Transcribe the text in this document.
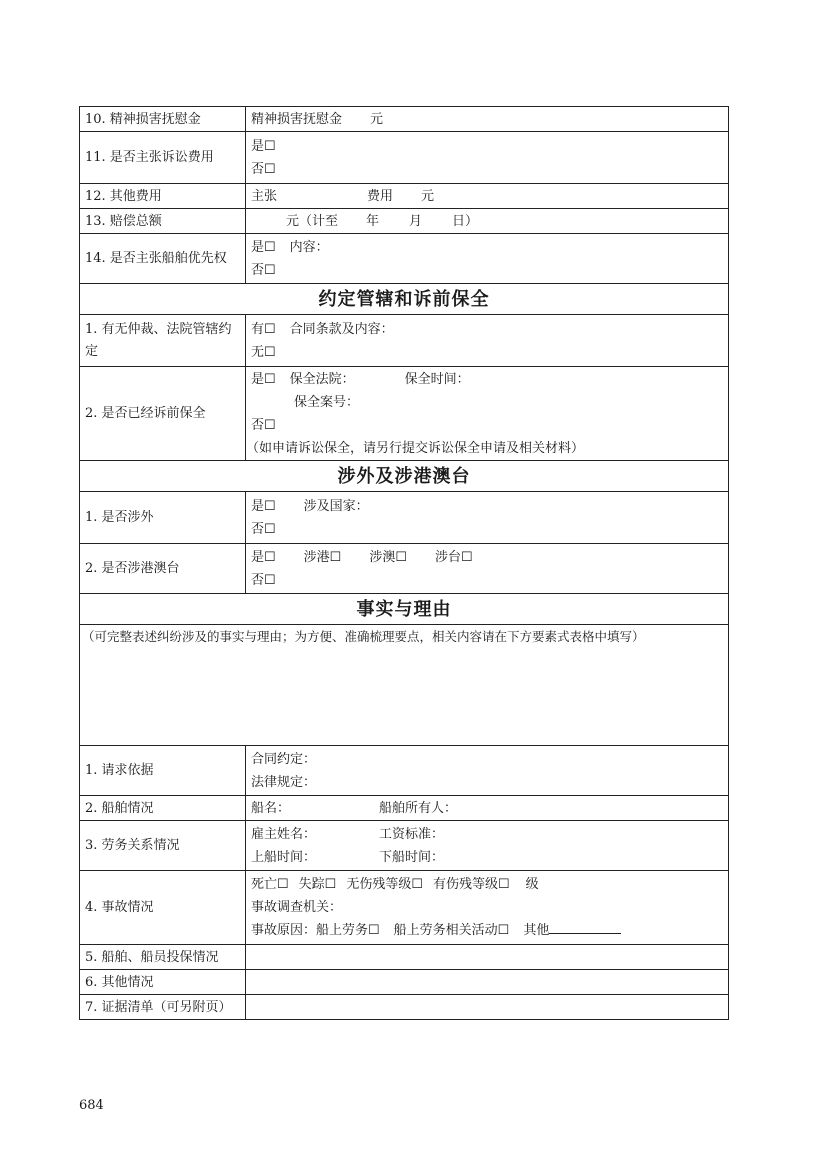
10. 精神损害抚慰金	精神损害抚慰金 元

11. 是否主张诉讼费用	是☐
否☐

12. 其他费用	主张 费用 元

13. 赔偿总额	元（计至 年 月 日）

14. 是否主张船舶优先权	是☐ 内容：
否☐

约定管辖和诉前保全	
1. 有无仲裁、法院管辖约定	有☐ 合同条款及内容：
无☐

2. 是否已经诉前保全	是☐ 保全法院： 保全时间：
保全案号：
否☐
（如申请诉讼保全，请另行提交诉讼保全申请及相关材料）

涉外及涉港澳台	
1. 是否涉外	是☐ 涉及国家：
否☐

2. 是否涉港澳台	是☐ 涉港☐ 涉澳☐ 涉台☐
否☐

事实与理由	

（可完整表述纠纷涉及的事实与理由；为方便、准确梳理要点，相关内容请在下方要素式表格中填写）	

1. 请求依据	合同约定：
法律规定：

2. 船舶情况	船名： 船舶所有人：

3. 劳务关系情况	雇主姓名： 工资标准：
上船时间： 下船时间：

4. 事故情况	死亡☐ 失踪☐ 无伤残等级☐ 有伤残等级☐ 级
事故调查机关：
事故原因：船上劳务☐ 船上劳务相关活动☐ 其他

5. 船舶、船员投保情况	
6. 其他情况	
7. 证据清单（可另附页）	
684
